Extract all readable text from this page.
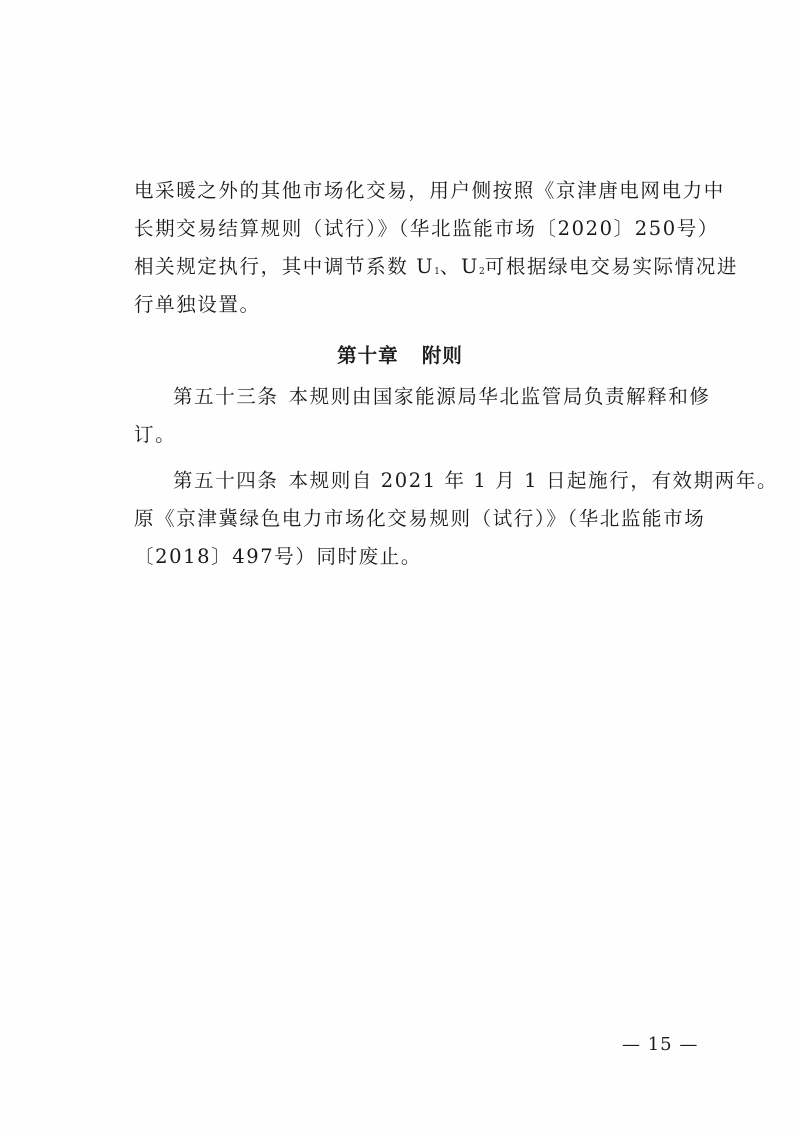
电采暖之外的其他市场化交易，用户侧按照《京津唐电网电力中
长期交易结算规则（试行）》（华北监能市场〔2020〕250号）
相关规定执行，其中调节系数 $U_1$、$U_2$可根据绿电交易实际情况进
行单独设置。
第十章   附则
第五十三条 本规则由国家能源局华北监管局负责解释和修
订。
第五十四条 本规则自 2021 年 1 月 1 日起施行，有效期两年。
原《京津冀绿色电力市场化交易规则（试行）》（华北监能市场
〔2018〕497号）同时废止。
— 15 —
